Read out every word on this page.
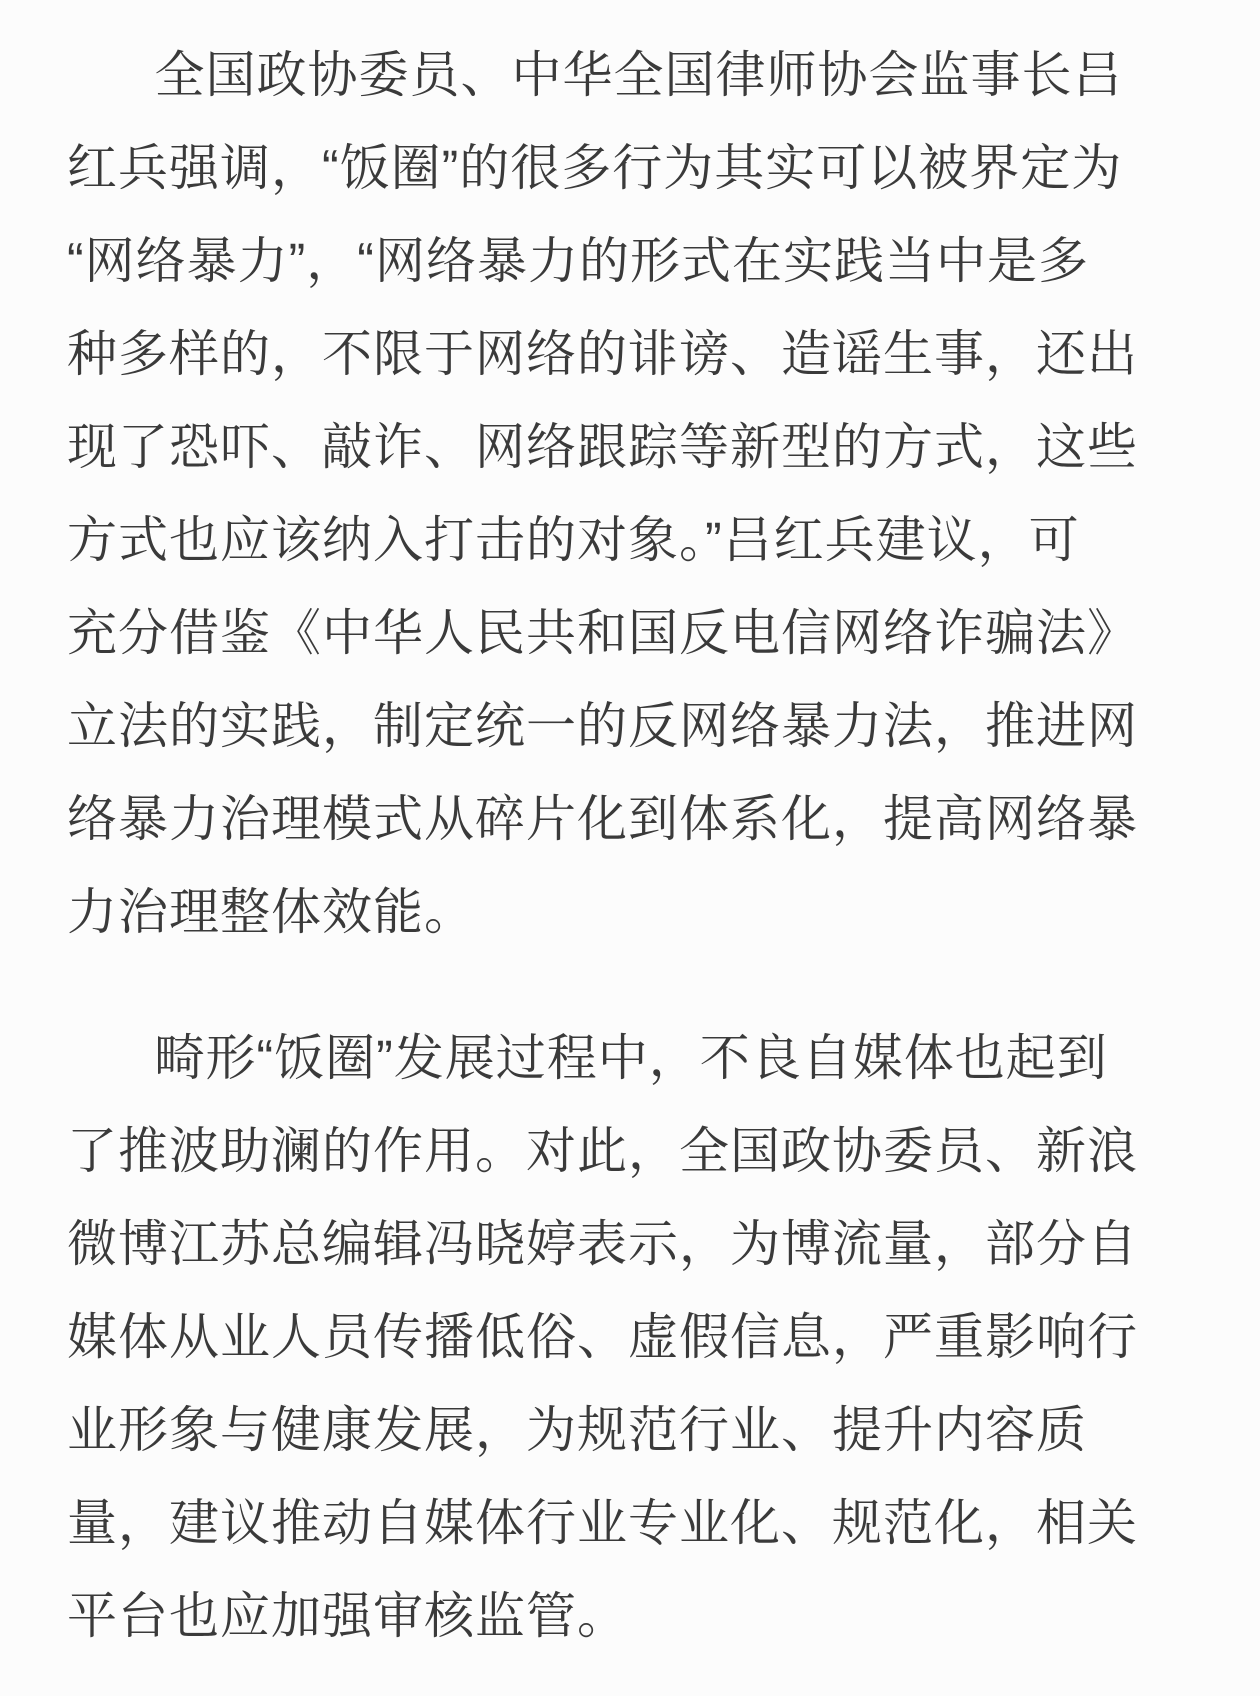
全国政协委员、中华全国律师协会监事长吕
红兵强调，“饭圈”的很多行为其实可以被界定为
“网络暴力”，“网络暴力的形式在实践当中是多
种多样的，不限于网络的诽谤、造谣生事，还出
现了恐吓、敲诈、网络跟踪等新型的方式，这些
方式也应该纳入打击的对象。”吕红兵建议，可
充分借鉴《中华人民共和国反电信网络诈骗法》
立法的实践，制定统一的反网络暴力法，推进网
络暴力治理模式从碎片化到体系化，提高网络暴
力治理整体效能。
畸形“饭圈”发展过程中，不良自媒体也起到
了推波助澜的作用。对此，全国政协委员、新浪
微博江苏总编辑冯晓婷表示，为博流量，部分自
媒体从业人员传播低俗、虚假信息，严重影响行
业形象与健康发展，为规范行业、提升内容质
量，建议推动自媒体行业专业化、规范化，相关
平台也应加强审核监管。
